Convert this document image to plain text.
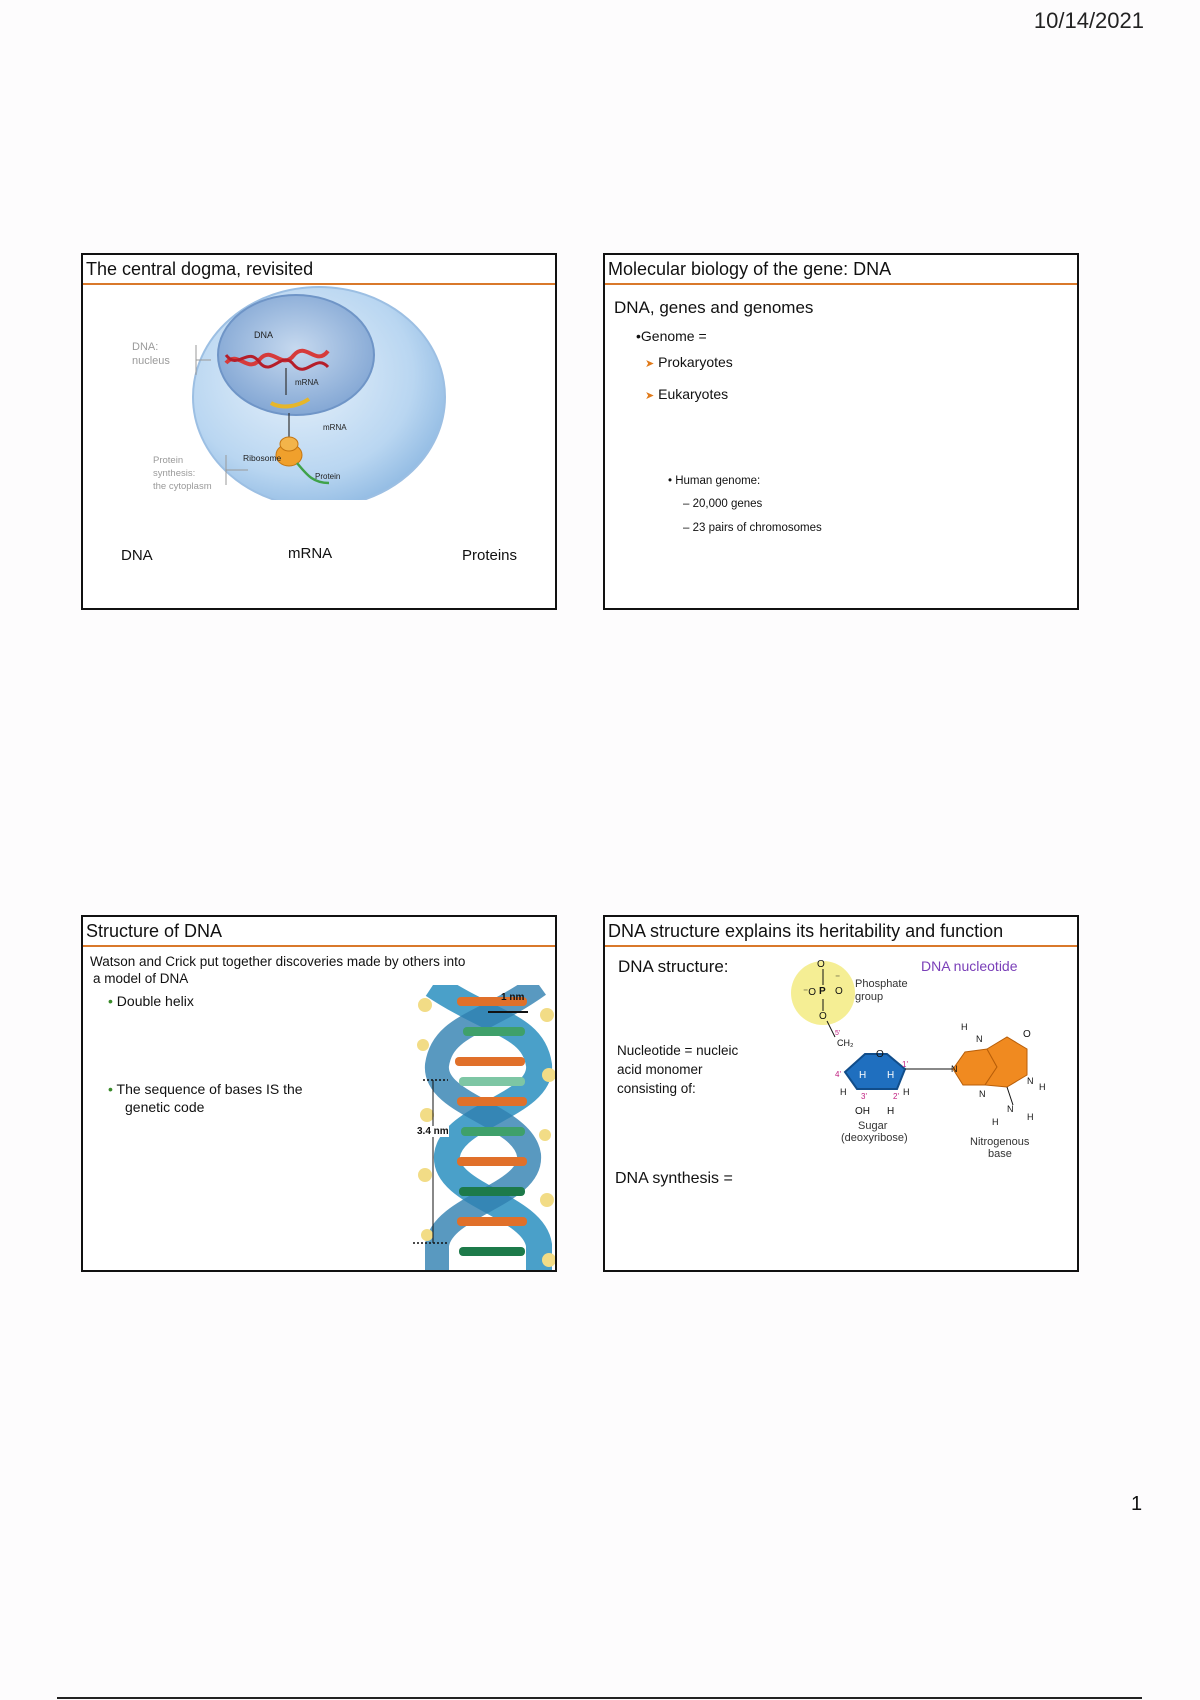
10/14/2021
The central dogma, revisited
DNA:
nucleus
Protein
synthesis:
the cytoplasm
DNA
mRNA
mRNA
Ribosome
Protein
DNA	mRNA	Proteins
Molecular biology of the gene: DNA
DNA, genes and genomes
•Genome =
➤ Prokaryotes
➤ Eukaryotes
• Human genome:
– 20,000 genes
– 23 pairs of chromosomes
Structure of DNA
Watson and Crick put together discoveries made by others into
a model of DNA
• Double helix
• The sequence of bases IS the
genetic code
1 nm
3.4 nm
DNA structure explains its heritability and function
DNA structure:	DNA nucleotide
Nucleotide = nucleic
acid monomer
consisting of:
DNA synthesis =
O
⁻O P O
O
⁻ Phosphate
group
CH₂
5'
O
H H
4'
1'
3'	2'
H	H
OH H
Sugar
(deoxyribose)
N
N
H
O
N
H
N
N
H
H
Nitrogenous
base
1
